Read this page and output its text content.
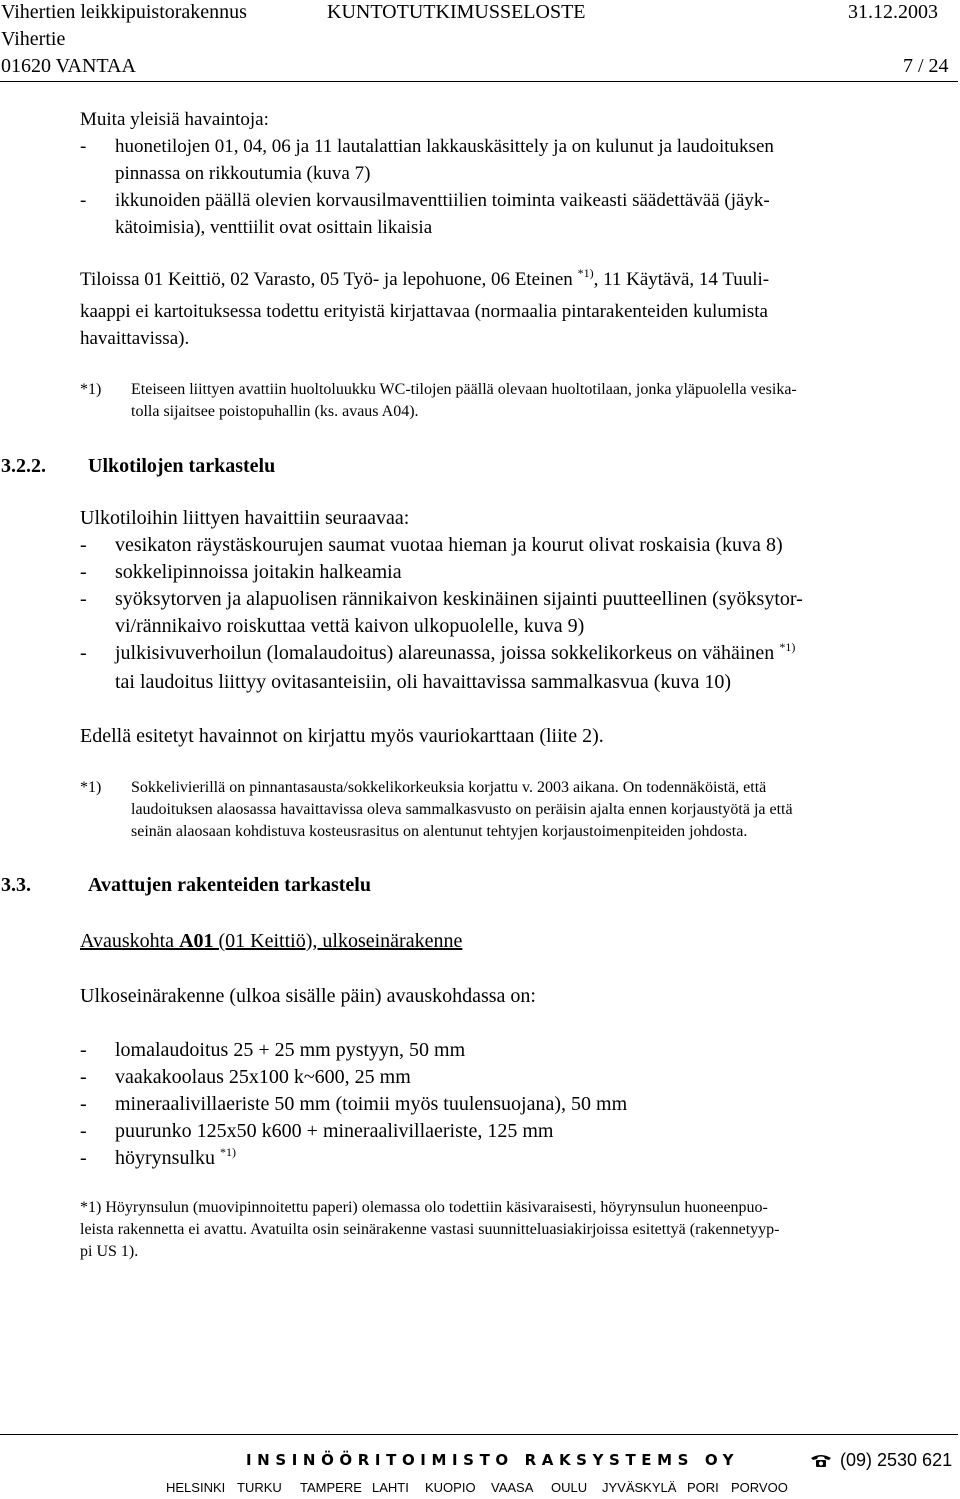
Vihertien leikkipuistorakennus	KUNTOTUTKIMUSSELOSTE	31.12.2003
Vihertie
01620 VANTAA	7 / 24
Muita yleisiä havaintoja:
- huonetilojen 01, 04, 06 ja 11 lautalattian lakkauskäsittely ja on kulunut ja laudoituksen
pinnassa on rikkoutumia (kuva 7)
- ikkunoiden päällä olevien korvausilmaventtiilien toiminta vaikeasti säädettävää (jäyk-
kätoimisia), venttiilit ovat osittain likaisia
Tiloissa 01 Keittiö, 02 Varasto, 05 Työ- ja lepohuone, 06 Eteinen $^{*1)}$, 11 Käytävä, 14 Tuuli-
kaappi ei kartoituksessa todettu erityistä kirjattavaa (normaalia pintarakenteiden kulumista
havaittavissa).
*1) Eteiseen liittyen avattiin huoltoluukku WC-tilojen päällä olevaan huoltotilaan, jonka yläpuolella vesika-
tolla sijaitsee poistopuhallin (ks. avaus A04).
3.2.2. Ulkotilojen tarkastelu
Ulkotiloihin liittyen havaittiin seuraavaa:
- vesikaton räystäskourujen saumat vuotaa hieman ja kourut olivat roskaisia (kuva 8)
- sokkelipinnoissa joitakin halkeamia
- syöksytorven ja alapuolisen rännikaivon keskinäinen sijainti puutteellinen (syöksytor-
vi/rännikaivo roiskuttaa vettä kaivon ulkopuolelle, kuva 9)
- julkisivuverhoilun (lomalaudoitus) alareunassa, joissa sokkelikorkeus on vähäinen $^{*1)}$
tai laudoitus liittyy ovitasanteisiin, oli havaittavissa sammalkasvua (kuva 10)
Edellä esitetyt havainnot on kirjattu myös vauriokarttaan (liite 2).
*1) Sokkelivierillä on pinnantasausta/sokkelikorkeuksia korjattu v. 2003 aikana. On todennäköistä, että
laudoituksen alaosassa havaittavissa oleva sammalkasvusto on peräisin ajalta ennen korjaustyötä ja että
seinän alaosaan kohdistuva kosteusrasitus on alentunut tehtyjen korjaustoimenpiteiden johdosta.
3.3.	Avattujen rakenteiden tarkastelu
Avauskohta A01 (01 Keittiö), ulkoseinärakenne
Ulkoseinärakenne (ulkoa sisälle päin) avauskohdassa on:
- lomalaudoitus 25 + 25 mm pystyyn, 50 mm
- vaakakoolaus 25x100 k~600, 25 mm
- mineraalivillaeriste 50 mm (toimii myös tuulensuojana), 50 mm
- puurunko 125x50 k600 + mineraalivillaeriste, 125 mm
- höyrynsulku $^{*1)}$
*1) Höyrynsulun (muovipinnoitettu paperi) olemassa olo todettiin käsivaraisesti, höyrynsulun huoneenpuo-
leista rakennetta ei avattu. Avatuilta osin seinärakenne vastasi suunnitteluasiakirjoissa esitettyä (rakennetyyp-
pi US 1).
INSINÖÖRITOIMISTO RAKSYSTEMS OY	(09) 2530 621
HELSINKI TURKU TAMPERE LAHTI KUOPIO VAASA OULU JYVÄSKYLÄ PORI PORVOO
